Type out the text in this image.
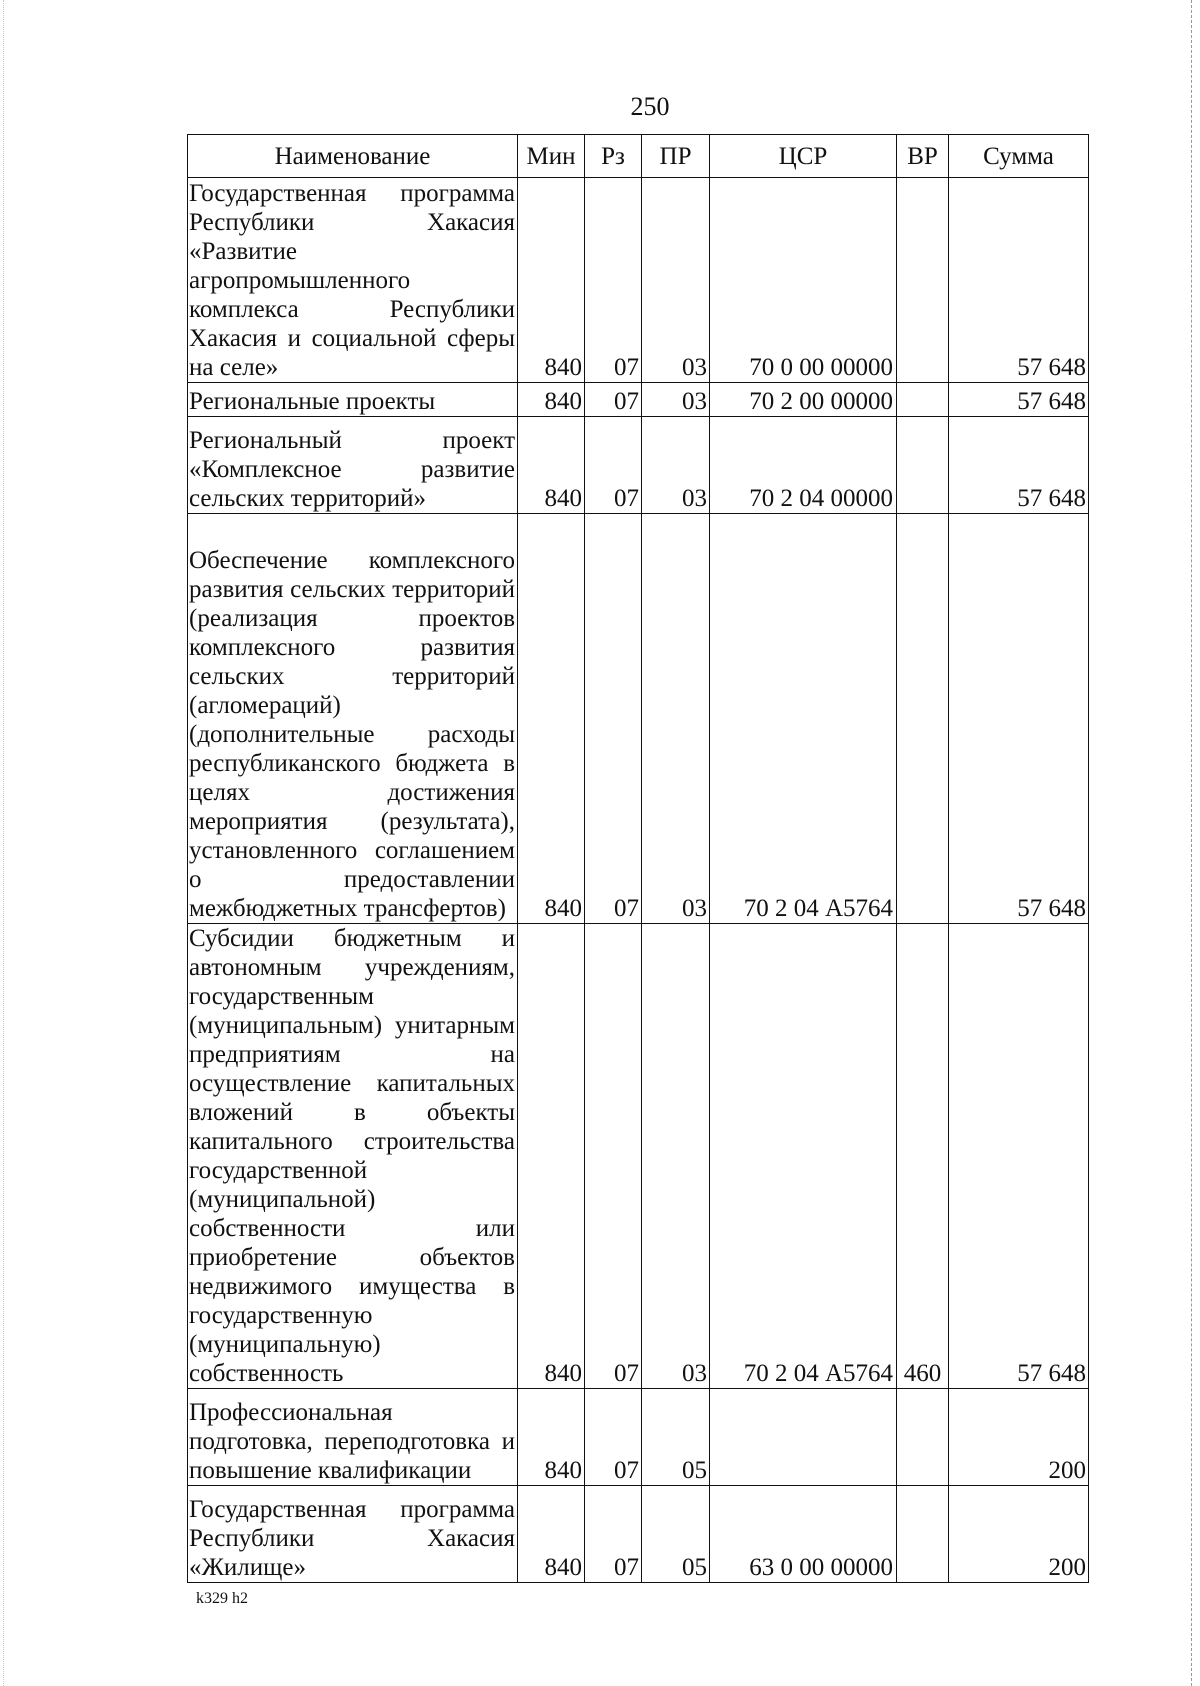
250
Наименование	Мин	Рз	ПР	ЦСР	ВР	Сумма
Государственная программа Республики Хакасия «Развитие агропромышленного комплекса Республики Хакасия и социальной сферы на селе»	840	07	03	70 0 00 00000		57 648
Региональные проекты	840	07	03	70 2 00 00000		57 648
Региональный проект «Комплексное развитие сельских территорий»	840	07	03	70 2 04 00000		57 648
Обеспечение комплексного развития сельских территорий (реализация проектов комплексного развития сельских территорий (агломераций) (дополнительные расходы республиканского бюджета в целях достижения мероприятия (результата), установленного соглашением о предоставлении межбюджетных трансфертов)	840	07	03	70 2 04 А5764		57 648
Субсидии бюджетным и автономным учреждениям, государственным (муниципальным) унитарным предприятиям на осуществление капитальных вложений в объекты капитального строительства государственной (муниципальной) собственности или приобретение объектов недвижимого имущества в государственную (муниципальную) собственность	840	07	03	70 2 04 А5764	460	57 648
Профессиональная подготовка, переподготовка и повышение квалификации	840	07	05			200
Государственная программа Республики Хакасия «Жилище»	840	07	05	63 0 00 00000		200
k329 h2
